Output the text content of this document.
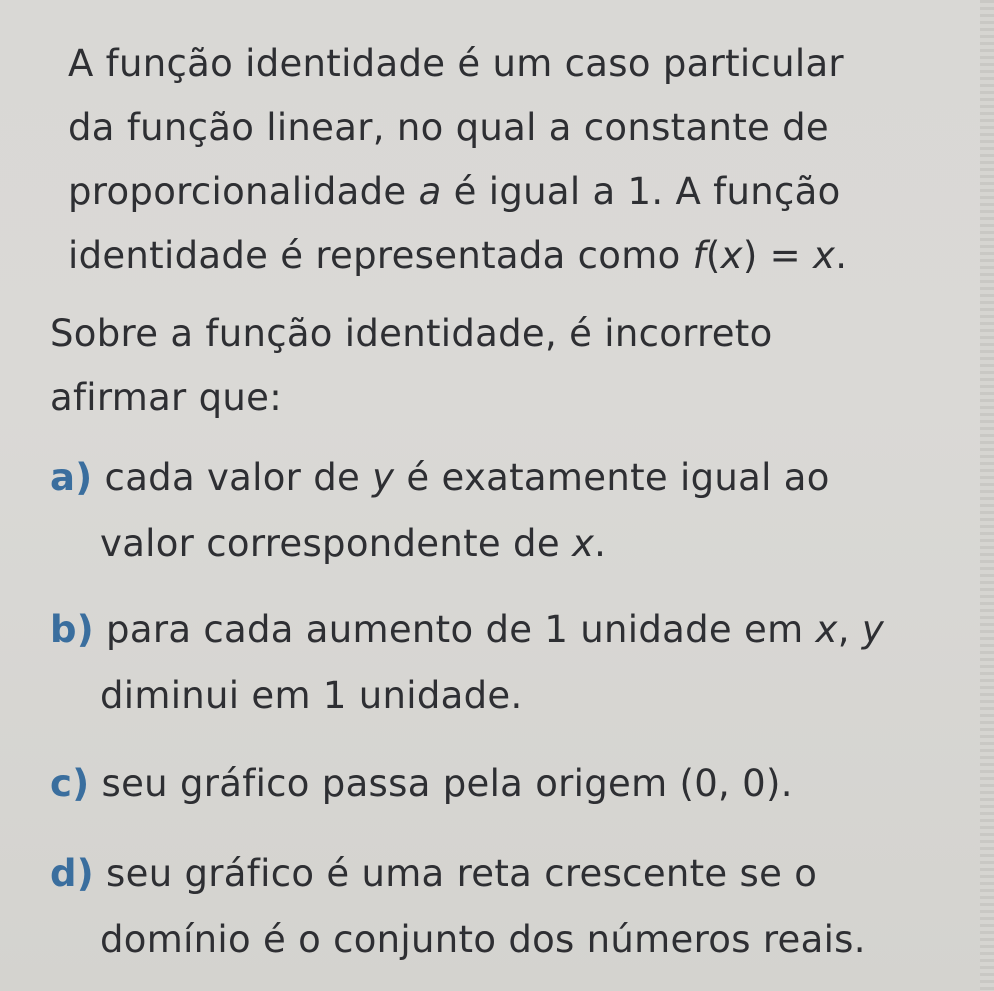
A função identidade é um caso particular

da função linear, no qual a constante de

proporcionalidade a é igual a 1. A função

identidade é representada como f(x) = x.

Sobre a função identidade, é incorreto

afirmar que:

a) cada valor de y é exatamente igual ao

valor correspondente de x.

b) para cada aumento de 1 unidade em x, y

diminui em 1 unidade.

c) seu gráfico passa pela origem (0, 0).

d) seu gráfico é uma reta crescente se o

domínio é o conjunto dos números reais.
